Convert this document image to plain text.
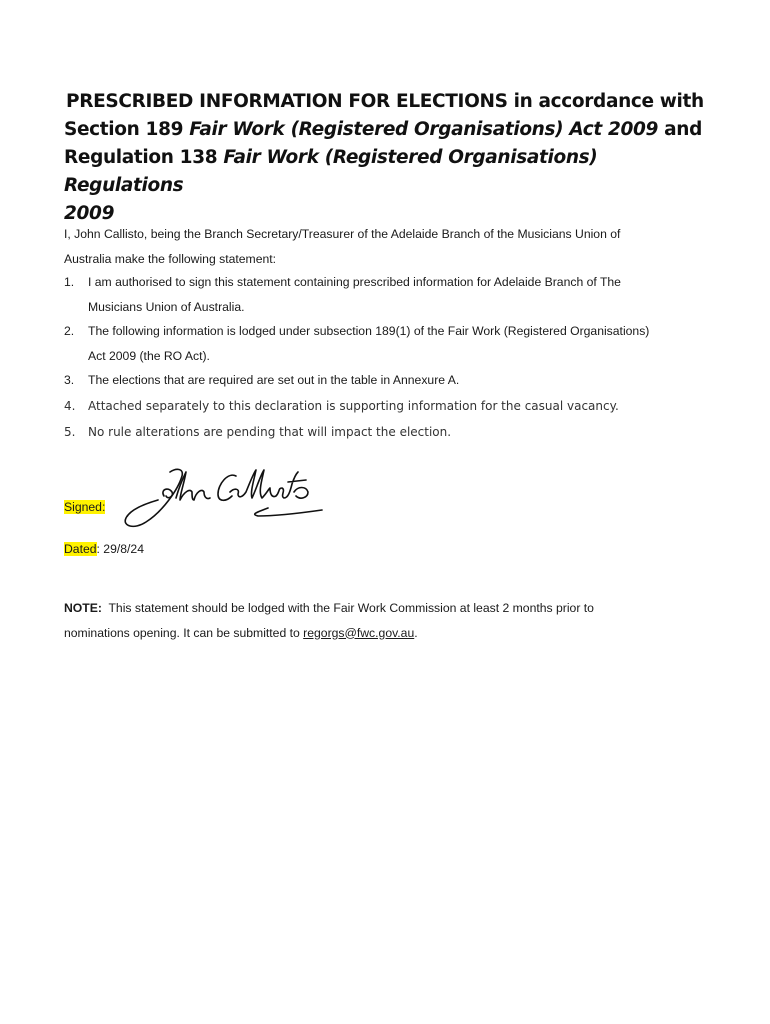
PRESCRIBED INFORMATION FOR ELECTIONS in accordance with
Section 189 Fair Work (Registered Organisations) Act 2009 and
Regulation 138 Fair Work (Registered Organisations) Regulations
2009

I, John Callisto, being the Branch Secretary/Treasurer of the Adelaide Branch of the Musicians Union of
Australia make the following statement:

1. I am authorised to sign this statement containing prescribed information for Adelaide Branch of The
Musicians Union of Australia.
2. The following information is lodged under subsection 189(1) of the Fair Work (Registered Organisations)
Act 2009 (the RO Act).
3. The elections that are required are set out in the table in Annexure A.
4. Attached separately to this declaration is supporting information for the casual vacancy.
5. No rule alterations are pending that will impact the election.
Signed:
Dated: 29/8/24

NOTE:  This statement should be lodged with the Fair Work Commission at least 2 months prior to
nominations opening. It can be submitted to regorgs@fwc.gov.au.
